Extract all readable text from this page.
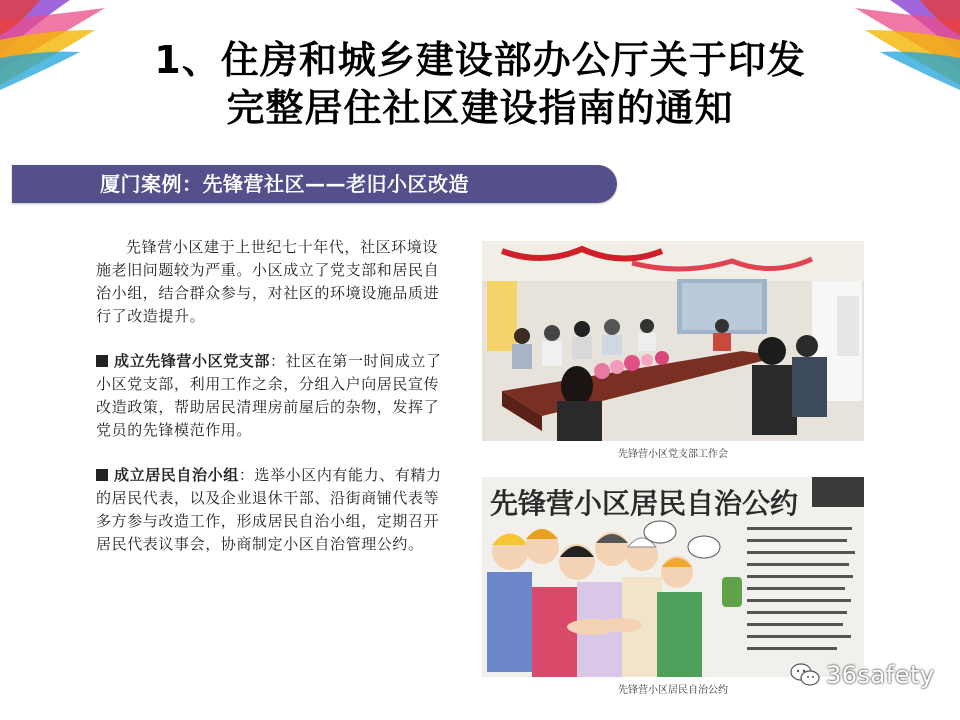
1、住房和城乡建设部办公厅关于印发
完整居住社区建设指南的通知
厦门案例：先锋营社区——老旧小区改造

先锋营小区建于上世纪七十年代，社区环境设施老旧问题较为严重。小区成立了党支部和居民自治小组，结合群众参与，对社区的环境设施品质进行了改造提升。

成立先锋营小区党支部：社区在第一时间成立了小区党支部，利用工作之余，分组入户向居民宣传改造政策，帮助居民清理房前屋后的杂物，发挥了党员的先锋模范作用。

成立居民自治小组：选举小区内有能力、有精力的居民代表，以及企业退休干部、沿街商铺代表等多方参与改造工作，形成居民自治小组，定期召开居民代表议事会，协商制定小区自治管理公约。

先锋营小区党支部工作会
先锋营小区居民自治公约
先锋营小区居民自治公约
36safety
